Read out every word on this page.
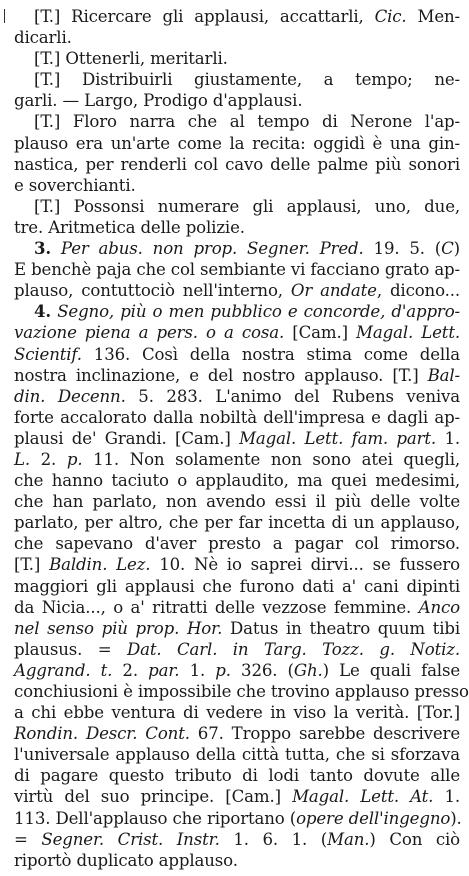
[T.] Ricercare gli applausi, accattarli, Cic. Men-
dicarli.
[T.] Ottenerli, meritarli.
[T.] Distribuirli giustamente, a tempo; ne-
garli. — Largo, Prodigo d'applausi.
[T.] Floro narra che al tempo di Nerone l'ap-
plauso era un'arte come la recita: oggidì è una gin-
nastica, per renderli col cavo delle palme più sonori
e soverchianti.
[T.] Possonsi numerare gli applausi, uno, due,
tre. Aritmetica delle polizie.
3. Per abus. non prop. Segner. Pred. 19. 5. (C)
E benchè paja che col sembiante vi facciano grato ap-
plauso, contuttociò nell'interno, Or andate, dicono...
4. Segno, più o men pubblico e concorde, d'appro-
vazione piena a pers. o a cosa. [Cam.] Magal. Lett.
Scientif. 136. Così della nostra stima come della
nostra inclinazione, e del nostro applauso. [T.] Bal-
din. Decenn. 5. 283. L'animo del Rubens veniva
forte accalorato dalla nobiltà dell'impresa e dagli ap-
plausi de' Grandi. [Cam.] Magal. Lett. fam. part. 1.
L. 2. p. 11. Non solamente non sono atei quegli,
che hanno taciuto o applaudito, ma quei medesimi,
che han parlato, non avendo essi il più delle volte
parlato, per altro, che per far incetta di un applauso,
che sapevano d'aver presto a pagar col rimorso.
[T.] Baldin. Lez. 10. Nè io saprei dirvi... se fussero
maggiori gli applausi che furono dati a' cani dipinti
da Nicia..., o a' ritratti delle vezzose femmine. Anco
nel senso più prop. Hor. Datus in theatro quum tibi
plausus. = Dat. Carl. in Targ. Tozz. g. Notiz.
Aggrand. t. 2. par. 1. p. 326. (Gh.) Le quali false
conchiusioni è impossibile che trovino applauso presso
a chi ebbe ventura di vedere in viso la verità. [Tor.]
Rondin. Descr. Cont. 67. Troppo sarebbe descrivere
l'universale applauso della città tutta, che si sforzava
di pagare questo tributo di lodi tanto dovute alle
virtù del suo principe. [Cam.] Magal. Lett. At. 1.
113. Dell'applauso che riportano (opere dell'ingegno).
= Segner. Crist. Instr. 1. 6. 1. (Man.) Con ciò
riportò duplicato applauso.
